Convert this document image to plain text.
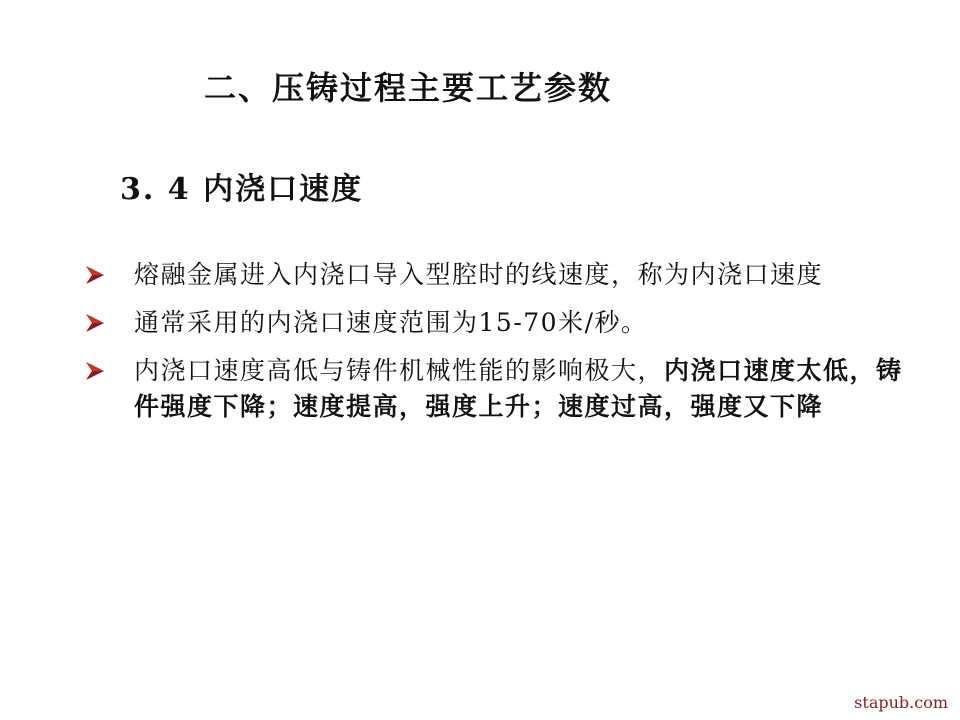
二、压铸过程主要工艺参数
3. 4 内浇口速度
熔融金属进入内浇口导入型腔时的线速度，称为内浇口速度
通常采用的内浇口速度范围为15-70米/秒。
内浇口速度高低与铸件机械性能的影响极大，内浇口速度太低，铸件强度下降；速度提高，强度上升；速度过高，强度又下降
stapub.com
